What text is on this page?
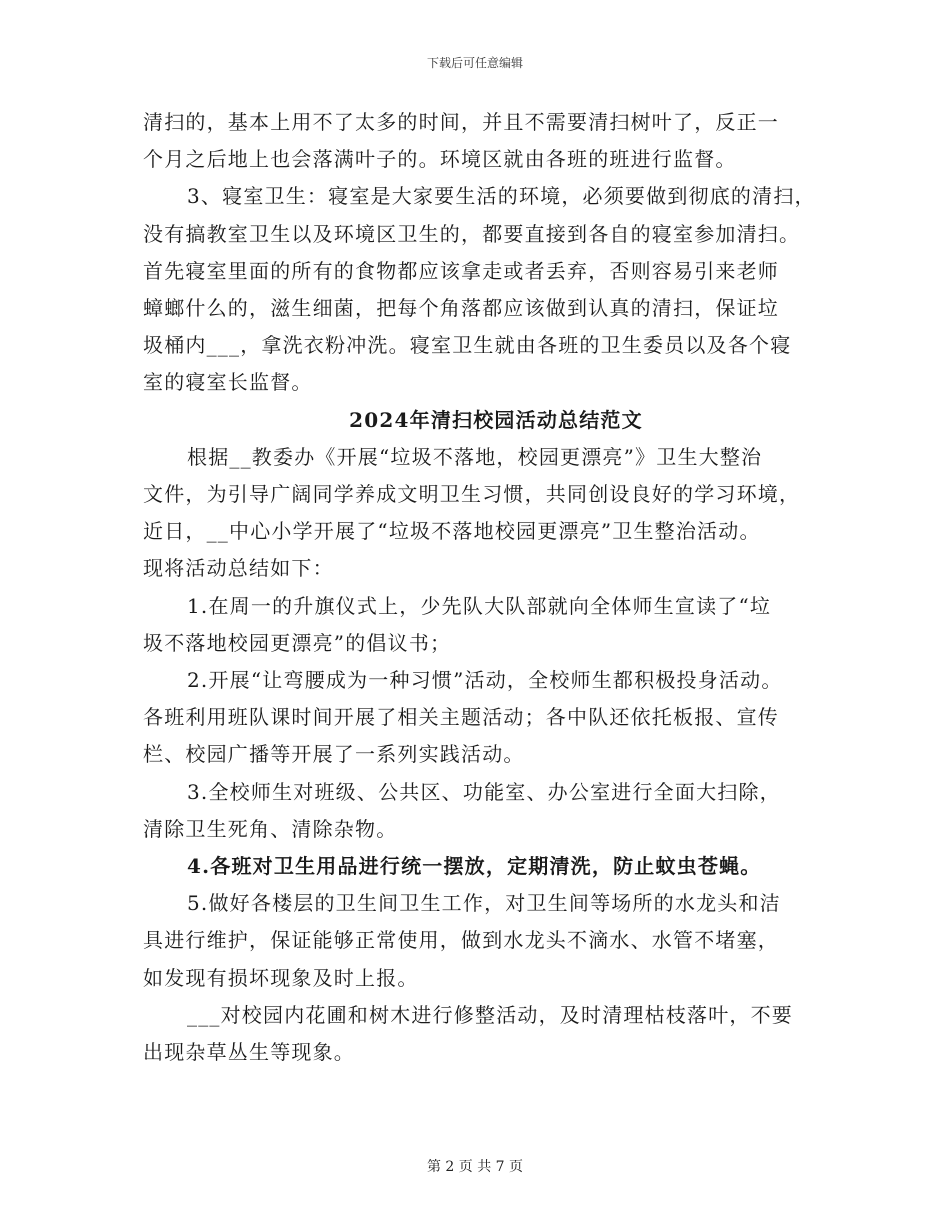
下载后可任意编辑

清扫的，基本上用不了太多的时间，并且不需要清扫树叶了，反正一

个月之后地上也会落满叶子的。环境区就由各班的班进行监督。

3、寝室卫生：寝室是大家要生活的环境，必须要做到彻底的清扫，

没有搞教室卫生以及环境区卫生的，都要直接到各自的寝室参加清扫。

首先寝室里面的所有的食物都应该拿走或者丢弃，否则容易引来老师

蟑螂什么的，滋生细菌，把每个角落都应该做到认真的清扫，保证垃

圾桶内___，拿洗衣粉冲洗。寝室卫生就由各班的卫生委员以及各个寝

室的寝室长监督。

2024年清扫校园活动总结范文

根据__教委办《开展“垃圾不落地，校园更漂亮”》卫生大整治

文件，为引导广阔同学养成文明卫生习惯，共同创设良好的学习环境，

近日，__中心小学开展了“垃圾不落地校园更漂亮”卫生整治活动。

现将活动总结如下：

1.在周一的升旗仪式上，少先队大队部就向全体师生宣读了“垃

圾不落地校园更漂亮”的倡议书；

2.开展“让弯腰成为一种习惯”活动，全校师生都积极投身活动。

各班利用班队课时间开展了相关主题活动；各中队还依托板报、宣传

栏、校园广播等开展了一系列实践活动。

3.全校师生对班级、公共区、功能室、办公室进行全面大扫除，

清除卫生死角、清除杂物。

4.各班对卫生用品进行统一摆放，定期清洗，防止蚊虫苍蝇。

5.做好各楼层的卫生间卫生工作，对卫生间等场所的水龙头和洁

具进行维护，保证能够正常使用，做到水龙头不滴水、水管不堵塞，

如发现有损坏现象及时上报。

___对校园内花圃和树木进行修整活动，及时清理枯枝落叶，不要

出现杂草丛生等现象。

第 2 页 共 7 页
